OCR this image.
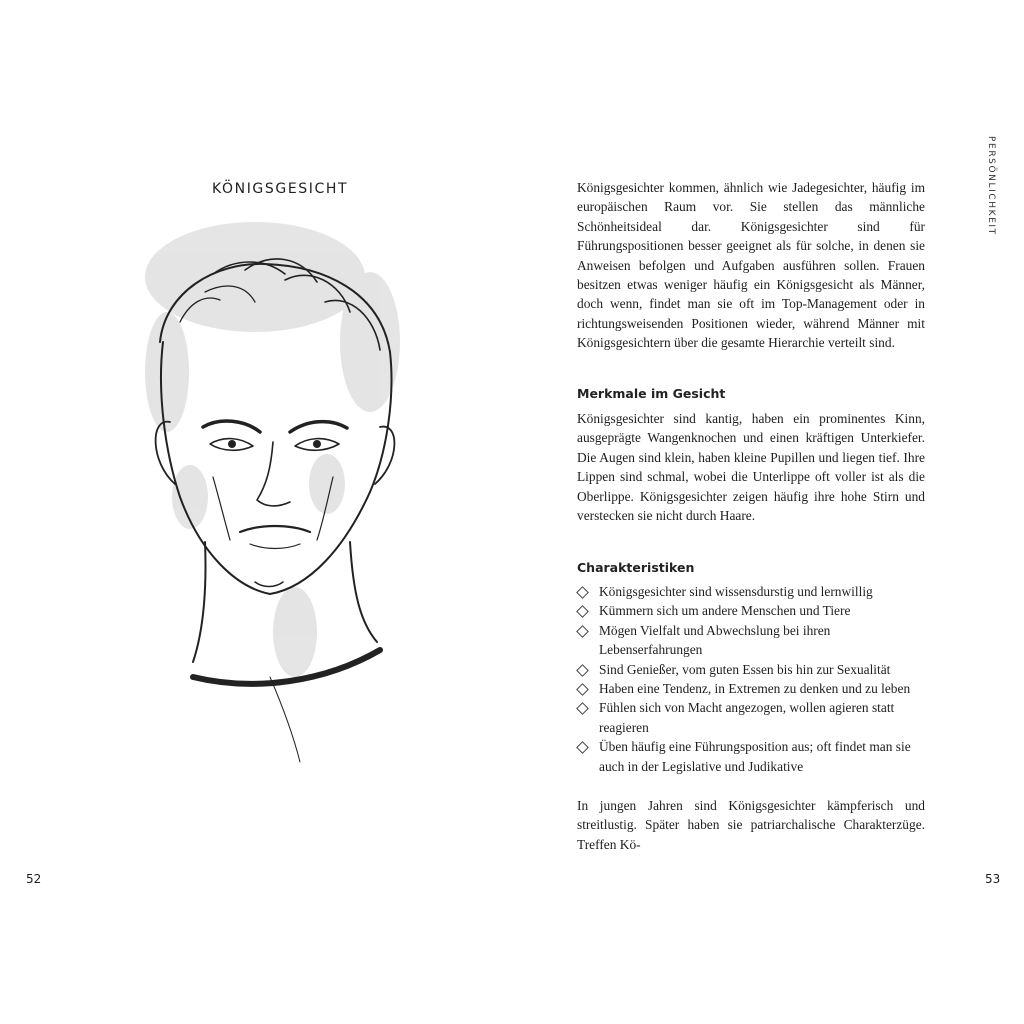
KÖNIGSGESICHT
52
PERSÖNLICHKEIT

Königsgesichter kommen, ähnlich wie Jadegesichter, häufig im europäischen Raum vor. Sie stellen das männliche Schönheitsideal dar. Königsgesichter sind für Führungspositionen besser geeignet als für solche, in denen sie Anweisen befolgen und Aufgaben ausführen sollen. Frauen besitzen etwas weniger häufig ein Königsgesicht als Männer, doch wenn, findet man sie oft im Top-Management oder in richtungsweisenden Positionen wieder, während Männer mit Königsgesichtern über die gesamte Hierarchie verteilt sind.

Merkmale im Gesicht

Königsgesichter sind kantig, haben ein prominentes Kinn, ausgeprägte Wangenknochen und einen kräftigen Unterkiefer. Die Augen sind klein, haben kleine Pupillen und liegen tief. Ihre Lippen sind schmal, wobei die Unterlippe oft voller ist als die Oberlippe. Königsgesichter zeigen häufig ihre hohe Stirn und verstecken sie nicht durch Haare.

Charakteristiken
Königsgesichter sind wissensdurstig und lernwillig
Kümmern sich um andere Menschen und Tiere
Mögen Vielfalt und Abwechslung bei ihren Lebenserfahrungen
Sind Genießer, vom guten Essen bis hin zur Sexualität
Haben eine Tendenz, in Extremen zu denken und zu leben
Fühlen sich von Macht angezogen, wollen agieren statt reagieren
Üben häufig eine Führungsposition aus; oft findet man sie auch in der Legislative und Judikative

In jungen Jahren sind Königsgesichter kämpferisch und streitlustig. Später haben sie patriarchalische Charakterzüge. Treffen Kö-

53
